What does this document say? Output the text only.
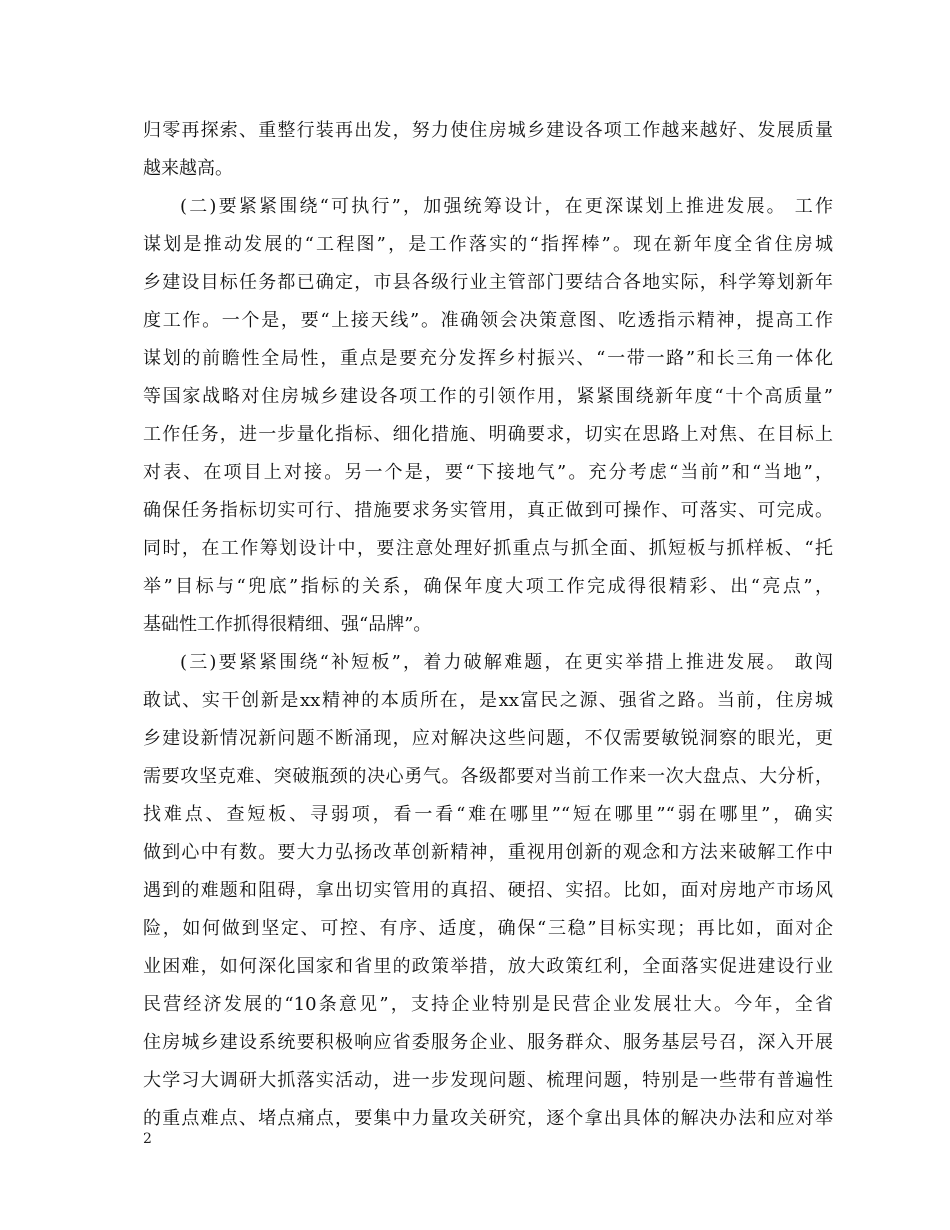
归零再探索、重整行装再出发，努力使住房城乡建设各项工作越来越好、发展质量
越来越高。
(二)要紧紧围绕“可执行”，加强统筹设计，在更深谋划上推进发展。 工作
谋划是推动发展的“工程图”，是工作落实的“指挥棒”。现在新年度全省住房城
乡建设目标任务都已确定，市县各级行业主管部门要结合各地实际，科学筹划新年
度工作。一个是，要“上接天线”。准确领会决策意图、吃透指示精神，提高工作
谋划的前瞻性全局性，重点是要充分发挥乡村振兴、“一带一路”和长三角一体化
等国家战略对住房城乡建设各项工作的引领作用，紧紧围绕新年度“十个高质量”
工作任务，进一步量化指标、细化措施、明确要求，切实在思路上对焦、在目标上
对表、在项目上对接。另一个是，要“下接地气”。充分考虑“当前”和“当地”，
确保任务指标切实可行、措施要求务实管用，真正做到可操作、可落实、可完成。
同时，在工作筹划设计中，要注意处理好抓重点与抓全面、抓短板与抓样板、“托
举”目标与“兜底”指标的关系，确保年度大项工作完成得很精彩、出“亮点”，
基础性工作抓得很精细、强“品牌”。
(三)要紧紧围绕“补短板”，着力破解难题，在更实举措上推进发展。 敢闯
敢试、实干创新是xx精神的本质所在，是xx富民之源、强省之路。当前，住房城
乡建设新情况新问题不断涌现，应对解决这些问题，不仅需要敏锐洞察的眼光，更
需要攻坚克难、突破瓶颈的决心勇气。各级都要对当前工作来一次大盘点、大分析，
找难点、查短板、寻弱项，看一看“难在哪里”“短在哪里”“弱在哪里”，确实
做到心中有数。要大力弘扬改革创新精神，重视用创新的观念和方法来破解工作中
遇到的难题和阻碍，拿出切实管用的真招、硬招、实招。比如，面对房地产市场风
险，如何做到坚定、可控、有序、适度，确保“三稳”目标实现；再比如，面对企
业困难，如何深化国家和省里的政策举措，放大政策红利，全面落实促进建设行业
民营经济发展的“10条意见”，支持企业特别是民营企业发展壮大。今年，全省
住房城乡建设系统要积极响应省委服务企业、服务群众、服务基层号召，深入开展
大学习大调研大抓落实活动，进一步发现问题、梳理问题，特别是一些带有普遍性
的重点难点、堵点痛点，要集中力量攻关研究，逐个拿出具体的解决办法和应对举
2
